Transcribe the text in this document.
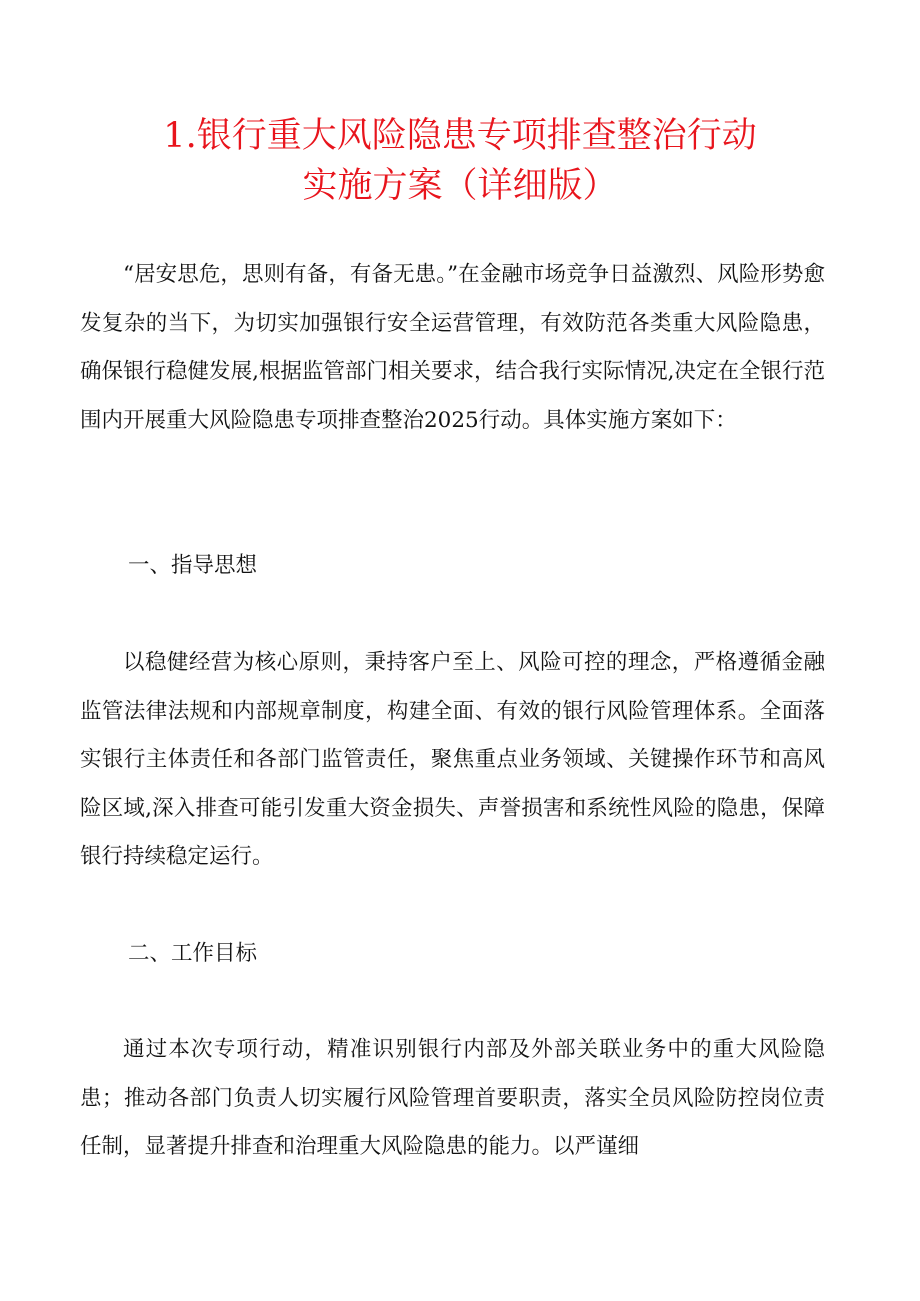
1.银行重大风险隐患专项排查整治行动
实施方案（详细版）

“居安思危，思则有备，有备无患。”在金融市场竞争日益激烈、风险形势愈发复杂的当下，为切实加强银行安全运营管理，有效防范各类重大风险隐患，确保银行稳健发展,根据监管部门相关要求，结合我行实际情况,决定在全银行范围内开展重大风险隐患专项排查整治2025行动。具体实施方案如下：

一、指导思想

以稳健经营为核心原则，秉持客户至上、风险可控的理念，严格遵循金融监管法律法规和内部规章制度，构建全面、有效的银行风险管理体系。全面落实银行主体责任和各部门监管责任，聚焦重点业务领域、关键操作环节和高风险区域,深入排查可能引发重大资金损失、声誉损害和系统性风险的隐患，保障银行持续稳定运行。

二、工作目标

通过本次专项行动，精准识别银行内部及外部关联业务中的重大风险隐患；推动各部门负责人切实履行风险管理首要职责，落实全员风险防控岗位责任制，显著提升排查和治理重大风险隐患的能力。以严谨细
